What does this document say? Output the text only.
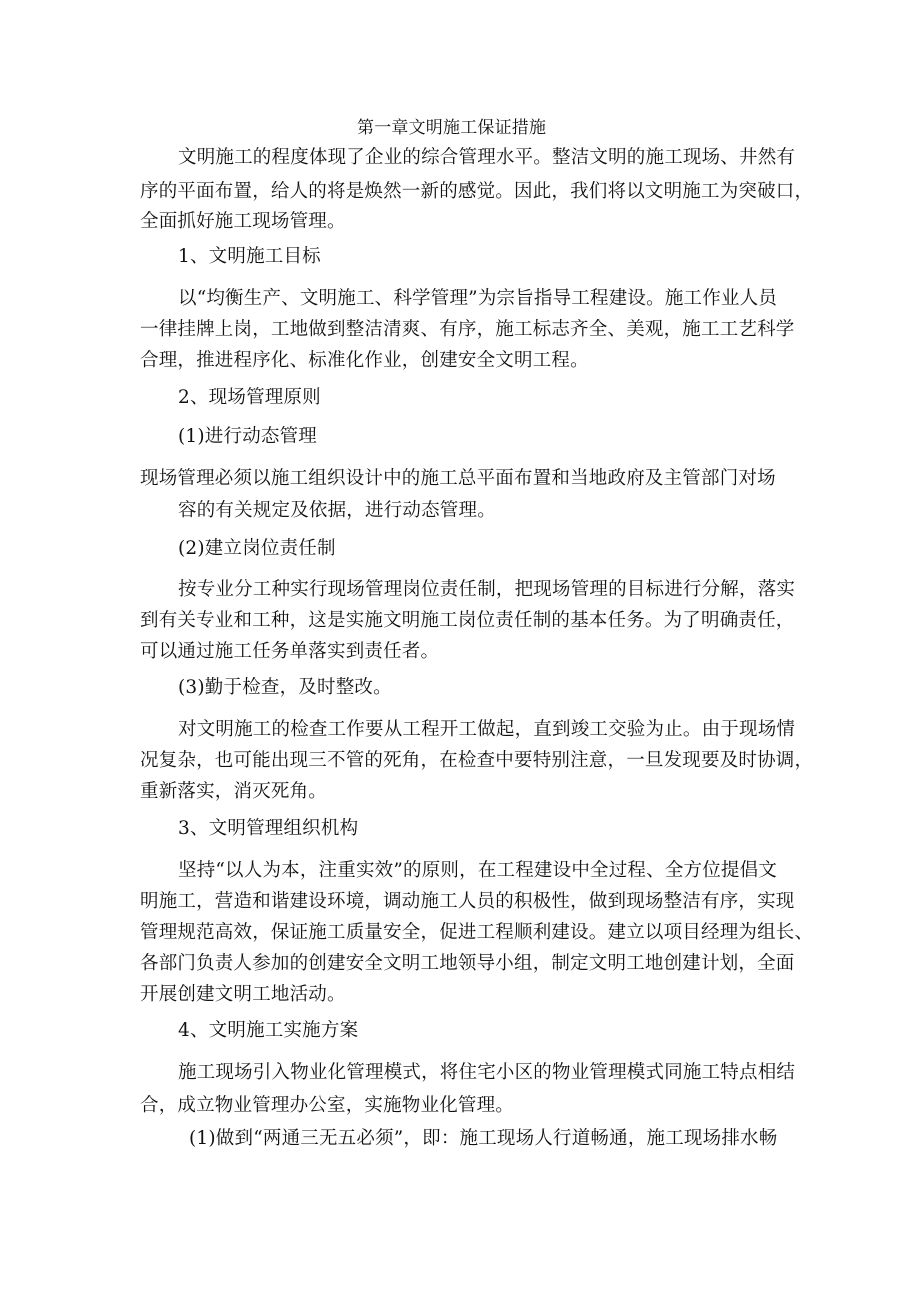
第一章文明施工保证措施
文明施工的程度体现了企业的综合管理水平。整洁文明的施工现场、井然有
序的平面布置，给人的将是焕然一新的感觉。因此，我们将以文明施工为突破口，
全面抓好施工现场管理。
1、文明施工目标
以“均衡生产、文明施工、科学管理”为宗旨指导工程建设。施工作业人员
一律挂牌上岗，工地做到整洁清爽、有序，施工标志齐全、美观，施工工艺科学
合理，推进程序化、标准化作业，创建安全文明工程。
2、现场管理原则
(1)进行动态管理
现场管理必须以施工组织设计中的施工总平面布置和当地政府及主管部门对场
容的有关规定及依据，进行动态管理。
(2)建立岗位责任制
按专业分工种实行现场管理岗位责任制，把现场管理的目标进行分解，落实
到有关专业和工种，这是实施文明施工岗位责任制的基本任务。为了明确责任，
可以通过施工任务单落实到责任者。
(3)勤于检查，及时整改。
对文明施工的检查工作要从工程开工做起，直到竣工交验为止。由于现场情
况复杂，也可能出现三不管的死角，在检查中要特别注意，一旦发现要及时协调，
重新落实，消灭死角。
3、文明管理组织机构
坚持“以人为本，注重实效”的原则，在工程建设中全过程、全方位提倡文
明施工，营造和谐建设环境，调动施工人员的积极性，做到现场整洁有序，实现
管理规范高效，保证施工质量安全，促进工程顺利建设。建立以项目经理为组长、
各部门负责人参加的创建安全文明工地领导小组，制定文明工地创建计划，全面
开展创建文明工地活动。
4、文明施工实施方案
施工现场引入物业化管理模式，将住宅小区的物业管理模式同施工特点相结
合，成立物业管理办公室，实施物业化管理。
(1)做到“两通三无五必须”，即：施工现场人行道畅通，施工现场排水畅
